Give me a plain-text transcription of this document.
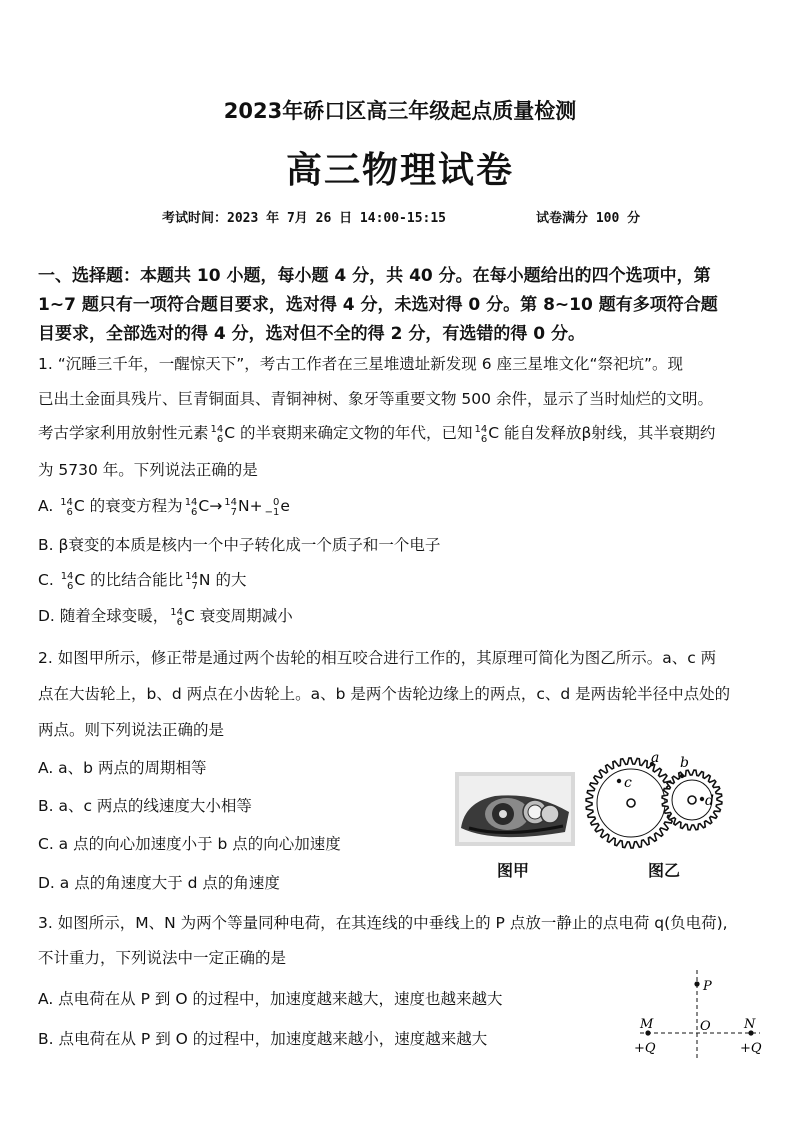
2023年硚口区高三年级起点质量检测
高三物理试卷
考试时间：2023 年 7月 26 日 14:00-15:15	试卷满分 100 分
一、选择题：本题共 10 小题，每小题 4 分，共 40 分。在每小题给出的四个选项中，第
1~7 题只有一项符合题目要求，选对得 4 分，未选对得 0 分。第 8~10 题有多项符合题
目要求，全部选对的得 4 分，选对但不全的得 2 分，有选错的得 0 分。
1. “沉睡三千年，一醒惊天下”，考古工作者在三星堆遗址新发现 6 座三星堆文化“祭祀坑”。现
已出土金面具残片、巨青铜面具、青铜神树、象牙等重要文物 500 余件，显示了当时灿烂的文明。
考古学家利用放射性元素 14
6 C 的半衰期来确定文物的年代，已知 14
6 C 能自发释放β射线，其半衰期约
为 5730 年。下列说法正确的是
A. 14
6 C 的衰变方程为 14
6 C→ 14
7 N+	0
−1 e
B. β衰变的本质是核内一个中子转化成一个质子和一个电子
C. 14
6 C 的比结合能比 14
7 N 的大
D. 随着全球变暖， 14
6 C 衰变周期减小
2. 如图甲所示，修正带是通过两个齿轮的相互咬合进行工作的，其原理可简化为图乙所示。a、c 两
点在大齿轮上，b、d 两点在小齿轮上。a、b 是两个齿轮边缘上的两点，c、d 是两齿轮半径中点处的
两点。则下列说法正确的是
A. a、b 两点的周期相等
B. a、c 两点的线速度大小相等
C. a 点的向心加速度小于 b 点的向心加速度
D. a 点的角速度大于 d 点的角速度
图甲
c
a b
d
图乙
3. 如图所示，M、N 为两个等量同种电荷，在其连线的中垂线上的 P 点放一静止的点电荷 q(负电荷),
不计重力，下列说法中一定正确的是
A. 点电荷在从 P 到 O 的过程中，加速度越来越大，速度也越来越大
B. 点电荷在从 P 到 O 的过程中，加速度越来越小，速度越来越大
P
O
M	N
+Q	+Q
